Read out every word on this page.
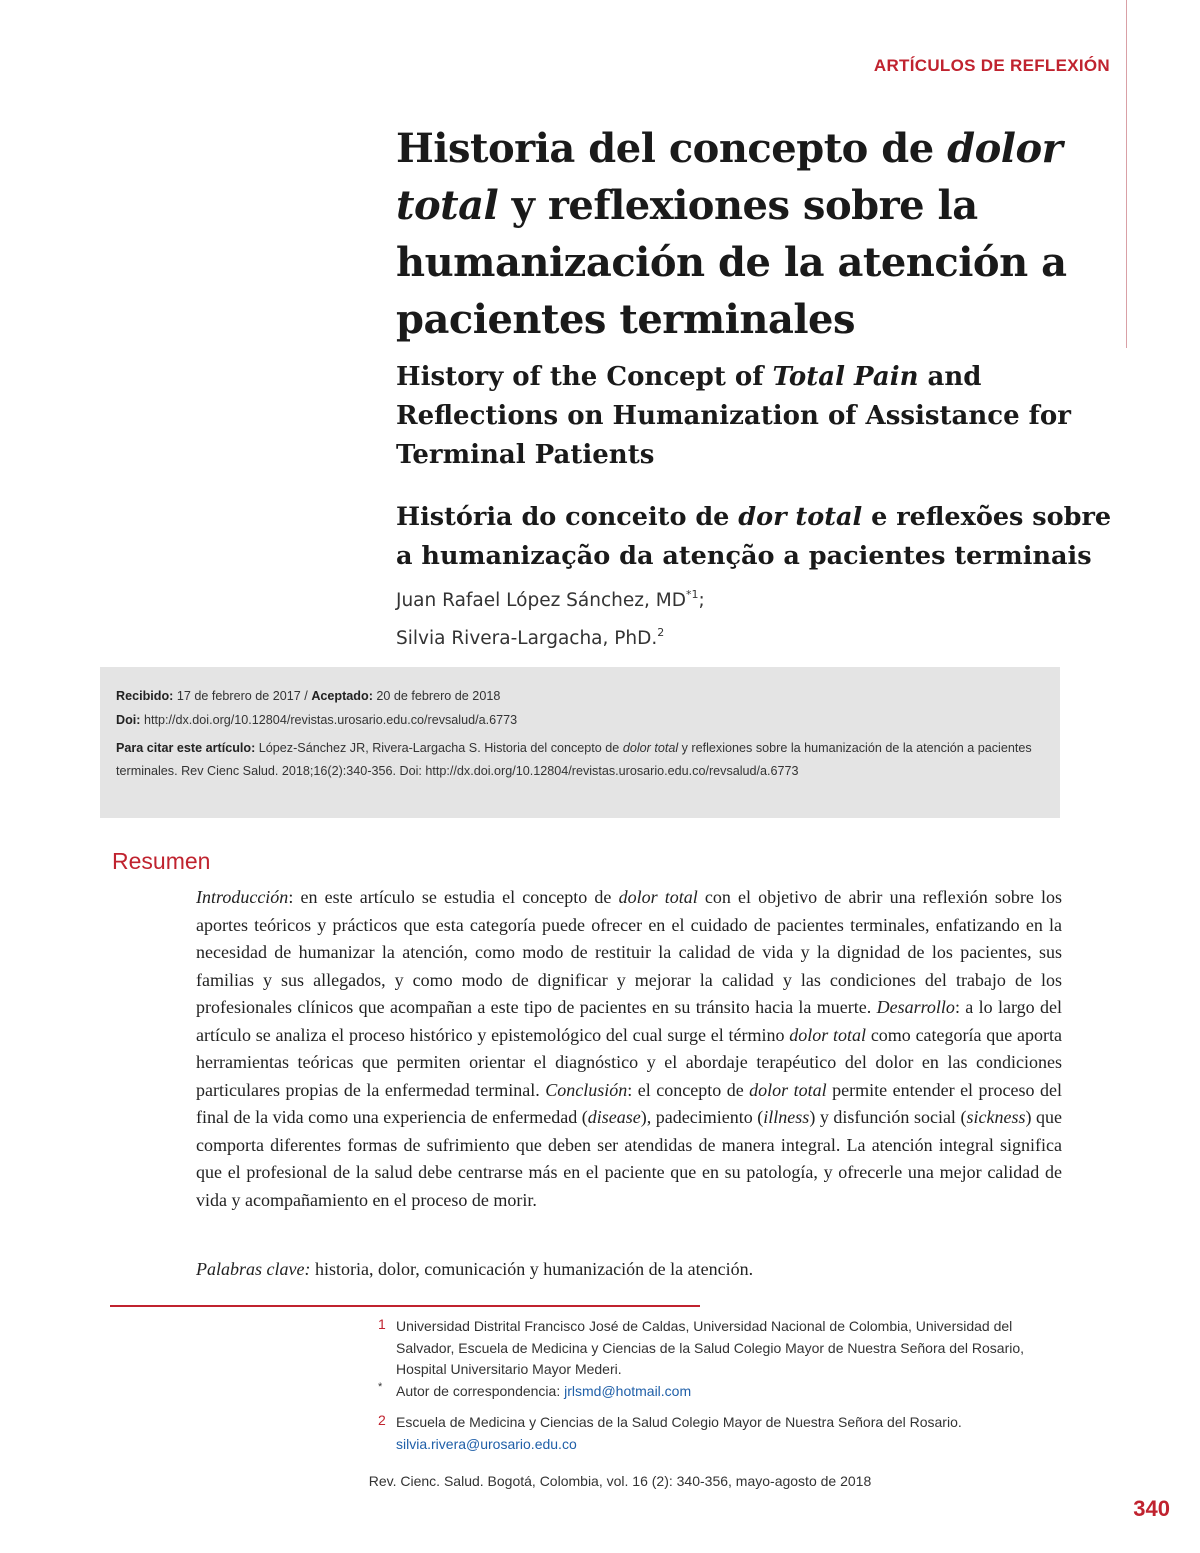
ARTÍCULOS DE REFLEXIÓN
Historia del concepto de dolor total y reflexiones sobre la humanización de la atención a pacientes terminales
History of the Concept of Total Pain and Reflections on Humanization of Assistance for Terminal Patients
História do conceito de dor total e reflexões sobre a humanização da atenção a pacientes terminais
Juan Rafael López Sánchez, MD$^{*1}$;
Silvia Rivera-Largacha, PhD.$^2$
Recibido: 17 de febrero de 2017 / Aceptado: 20 de febrero de 2018
Doi: http://dx.doi.org/10.12804/revistas.urosario.edu.co/revsalud/a.6773
Para citar este artículo: López-Sánchez JR, Rivera-Largacha S. Historia del concepto de dolor total y reflexiones sobre la humanización de la atención a pacientes terminales. Rev Cienc Salud. 2018;16(2):340-356. Doi: http://dx.doi.org/10.12804/revistas.urosario.edu.co/revsalud/a.6773
Resumen

Introducción: en este artículo se estudia el concepto de dolor total con el objetivo de abrir una reflexión sobre los aportes teóricos y prácticos que esta categoría puede ofrecer en el cuidado de pacientes terminales, enfatizando en la necesidad de humanizar la atención, como modo de restituir la calidad de vida y la dignidad de los pacientes, sus familias y sus allegados, y como modo de dignificar y mejorar la calidad y las condiciones del trabajo de los profesionales clínicos que acompañan a este tipo de pacientes en su tránsito hacia la muerte. Desarrollo: a lo largo del artículo se analiza el proceso histórico y epistemológico del cual surge el término dolor total como categoría que aporta herramientas teóricas que permiten orientar el diagnóstico y el abordaje terapéutico del dolor en las condiciones particulares propias de la enfermedad terminal. Conclusión: el concepto de dolor total permite entender el proceso del final de la vida como una experiencia de enfermedad (disease), padecimiento (illness) y disfunción social (sickness) que comporta diferentes formas de sufrimiento que deben ser atendidas de manera integral. La atención integral significa que el profesional de la salud debe centrarse más en el paciente que en su patología, y ofrecerle una mejor calidad de vida y acompañamiento en el proceso de morir.

Palabras clave: historia, dolor, comunicación y humanización de la atención.

1 Universidad Distrital Francisco José de Caldas, Universidad Nacional de Colombia, Universidad del Salvador, Escuela de Medicina y Ciencias de la Salud Colegio Mayor de Nuestra Señora del Rosario, Hospital Universitario Mayor Mederi.
* Autor de correspondencia: jrlsmd@hotmail.com
2 Escuela de Medicina y Ciencias de la Salud Colegio Mayor de Nuestra Señora del Rosario.
silvia.rivera@urosario.edu.co
Rev. Cienc. Salud. Bogotá, Colombia, vol. 16 (2): 340-356, mayo-agosto de 2018
340
